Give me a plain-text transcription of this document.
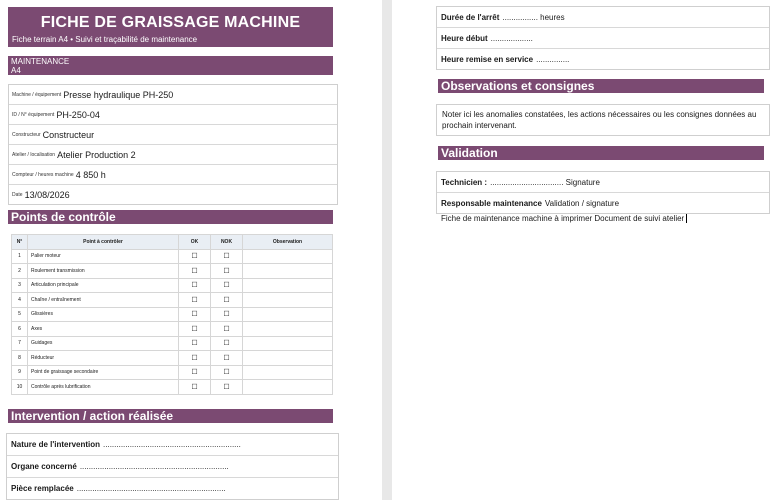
FICHE DE GRAISSAGE MACHINE
Fiche terrain A4 • Suivi et traçabilité de maintenance
MAINTENANCE
A4
Machine / équipement Presse hydraulique PH-250
ID / N° équipement PH-250-04
Constructeur Constructeur
Atelier / localisation Atelier Production 2
Compteur / heures machine 4 850 h
Date 13/08/2026
Points de contrôle
N°	Point à contrôler	OK	NOK	Observation
1	Palier moteur	☐	☐	
2	Roulement transmission	☐	☐	
3	Articulation principale	☐	☐	
4	Chaîne / entraînement	☐	☐	
5	Glissières	☐	☐	
6	Axes	☐	☐	
7	Guidages	☐	☐	
8	Réducteur	☐	☐	
9	Point de graissage secondaire	☐	☐	
10	Contrôle après lubrification	☐	☐	
Intervention / action réalisée
Nature de l'intervention ..............................................................
Organe concerné ...................................................................
Pièce remplacée ...................................................................
Durée de l'arrêt ................ heures
Heure début ...................
Heure remise en service ...............
Observations et consignes
Noter ici les anomalies constatées, les actions nécessaires ou les consignes données au prochain intervenant.
Validation
Technicien : ................................. Signature
Responsable maintenance Validation / signature
Fiche de maintenance machine à imprimer Document de suivi atelier
